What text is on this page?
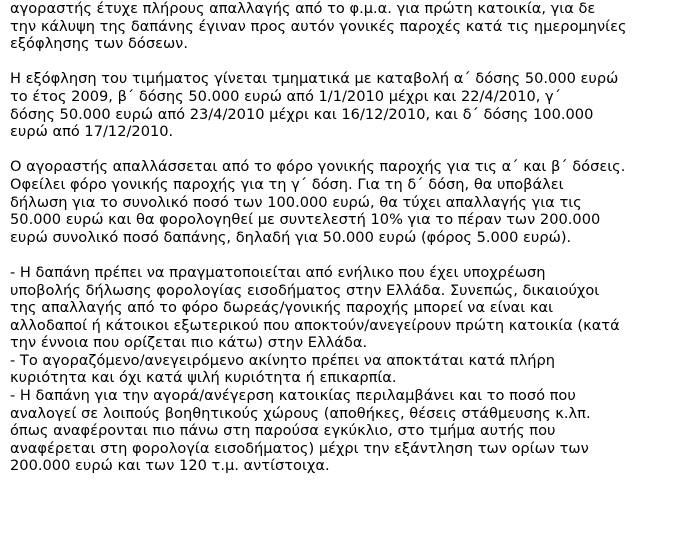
αγοραστής έτυχε πλήρους απαλλαγής από το φ.μ.α. για πρώτη κατοικία, για δε
την κάλυψη της δαπάνης έγιναν προς αυτόν γονικές παροχές κατά τις ημερομηνίες
εξόφλησης των δόσεων.
Η εξόφληση του τιμήματος γίνεται τμηματικά με καταβολή α΄ δόσης 50.000 ευρώ
το έτος 2009, β΄ δόσης 50.000 ευρώ από 1/1/2010 μέχρι και 22/4/2010, γ΄
δόσης 50.000 ευρώ από 23/4/2010 μέχρι και 16/12/2010, και δ΄ δόσης 100.000
ευρώ από 17/12/2010.
Ο αγοραστής απαλλάσσεται από το φόρο γονικής παροχής για τις α΄ και β΄ δόσεις.
Οφείλει φόρο γονικής παροχής για τη γ΄ δόση. Για τη δ΄ δόση, θα υποβάλει
δήλωση για το συνολικό ποσό των 100.000 ευρώ, θα τύχει απαλλαγής για τις
50.000 ευρώ και θα φορολογηθεί με συντελεστή 10% για το πέραν των 200.000
ευρώ συνολικό ποσό δαπάνης, δηλαδή για 50.000 ευρώ (φόρος 5.000 ευρώ).
- Η δαπάνη πρέπει να πραγματοποιείται από ενήλικο που έχει υποχρέωση
υποβολής δήλωσης φορολογίας εισοδήματος στην Ελλάδα. Συνεπώς, δικαιούχοι
της απαλλαγής από το φόρο δωρεάς/γονικής παροχής μπορεί να είναι και
αλλοδαποί ή κάτοικοι εξωτερικού που αποκτούν/ανεγείρουν πρώτη κατοικία (κατά
την έννοια που ορίζεται πιο κάτω) στην Ελλάδα.
- Το αγοραζόμενο/ανεγειρόμενο ακίνητο πρέπει να αποκτάται κατά πλήρη
κυριότητα και όχι κατά ψιλή κυριότητα ή επικαρπία.
- Η δαπάνη για την αγορά/ανέγερση κατοικίας περιλαμβάνει και το ποσό που
αναλογεί σε λοιπούς βοηθητικούς χώρους (αποθήκες, θέσεις στάθμευσης κ.λπ.
όπως αναφέρονται πιο πάνω στη παρούσα εγκύκλιο, στο τμήμα αυτής που
αναφέρεται στη φορολογία εισοδήματος) μέχρι την εξάντληση των ορίων των
200.000 ευρώ και των 120 τ.μ. αντίστοιχα.
